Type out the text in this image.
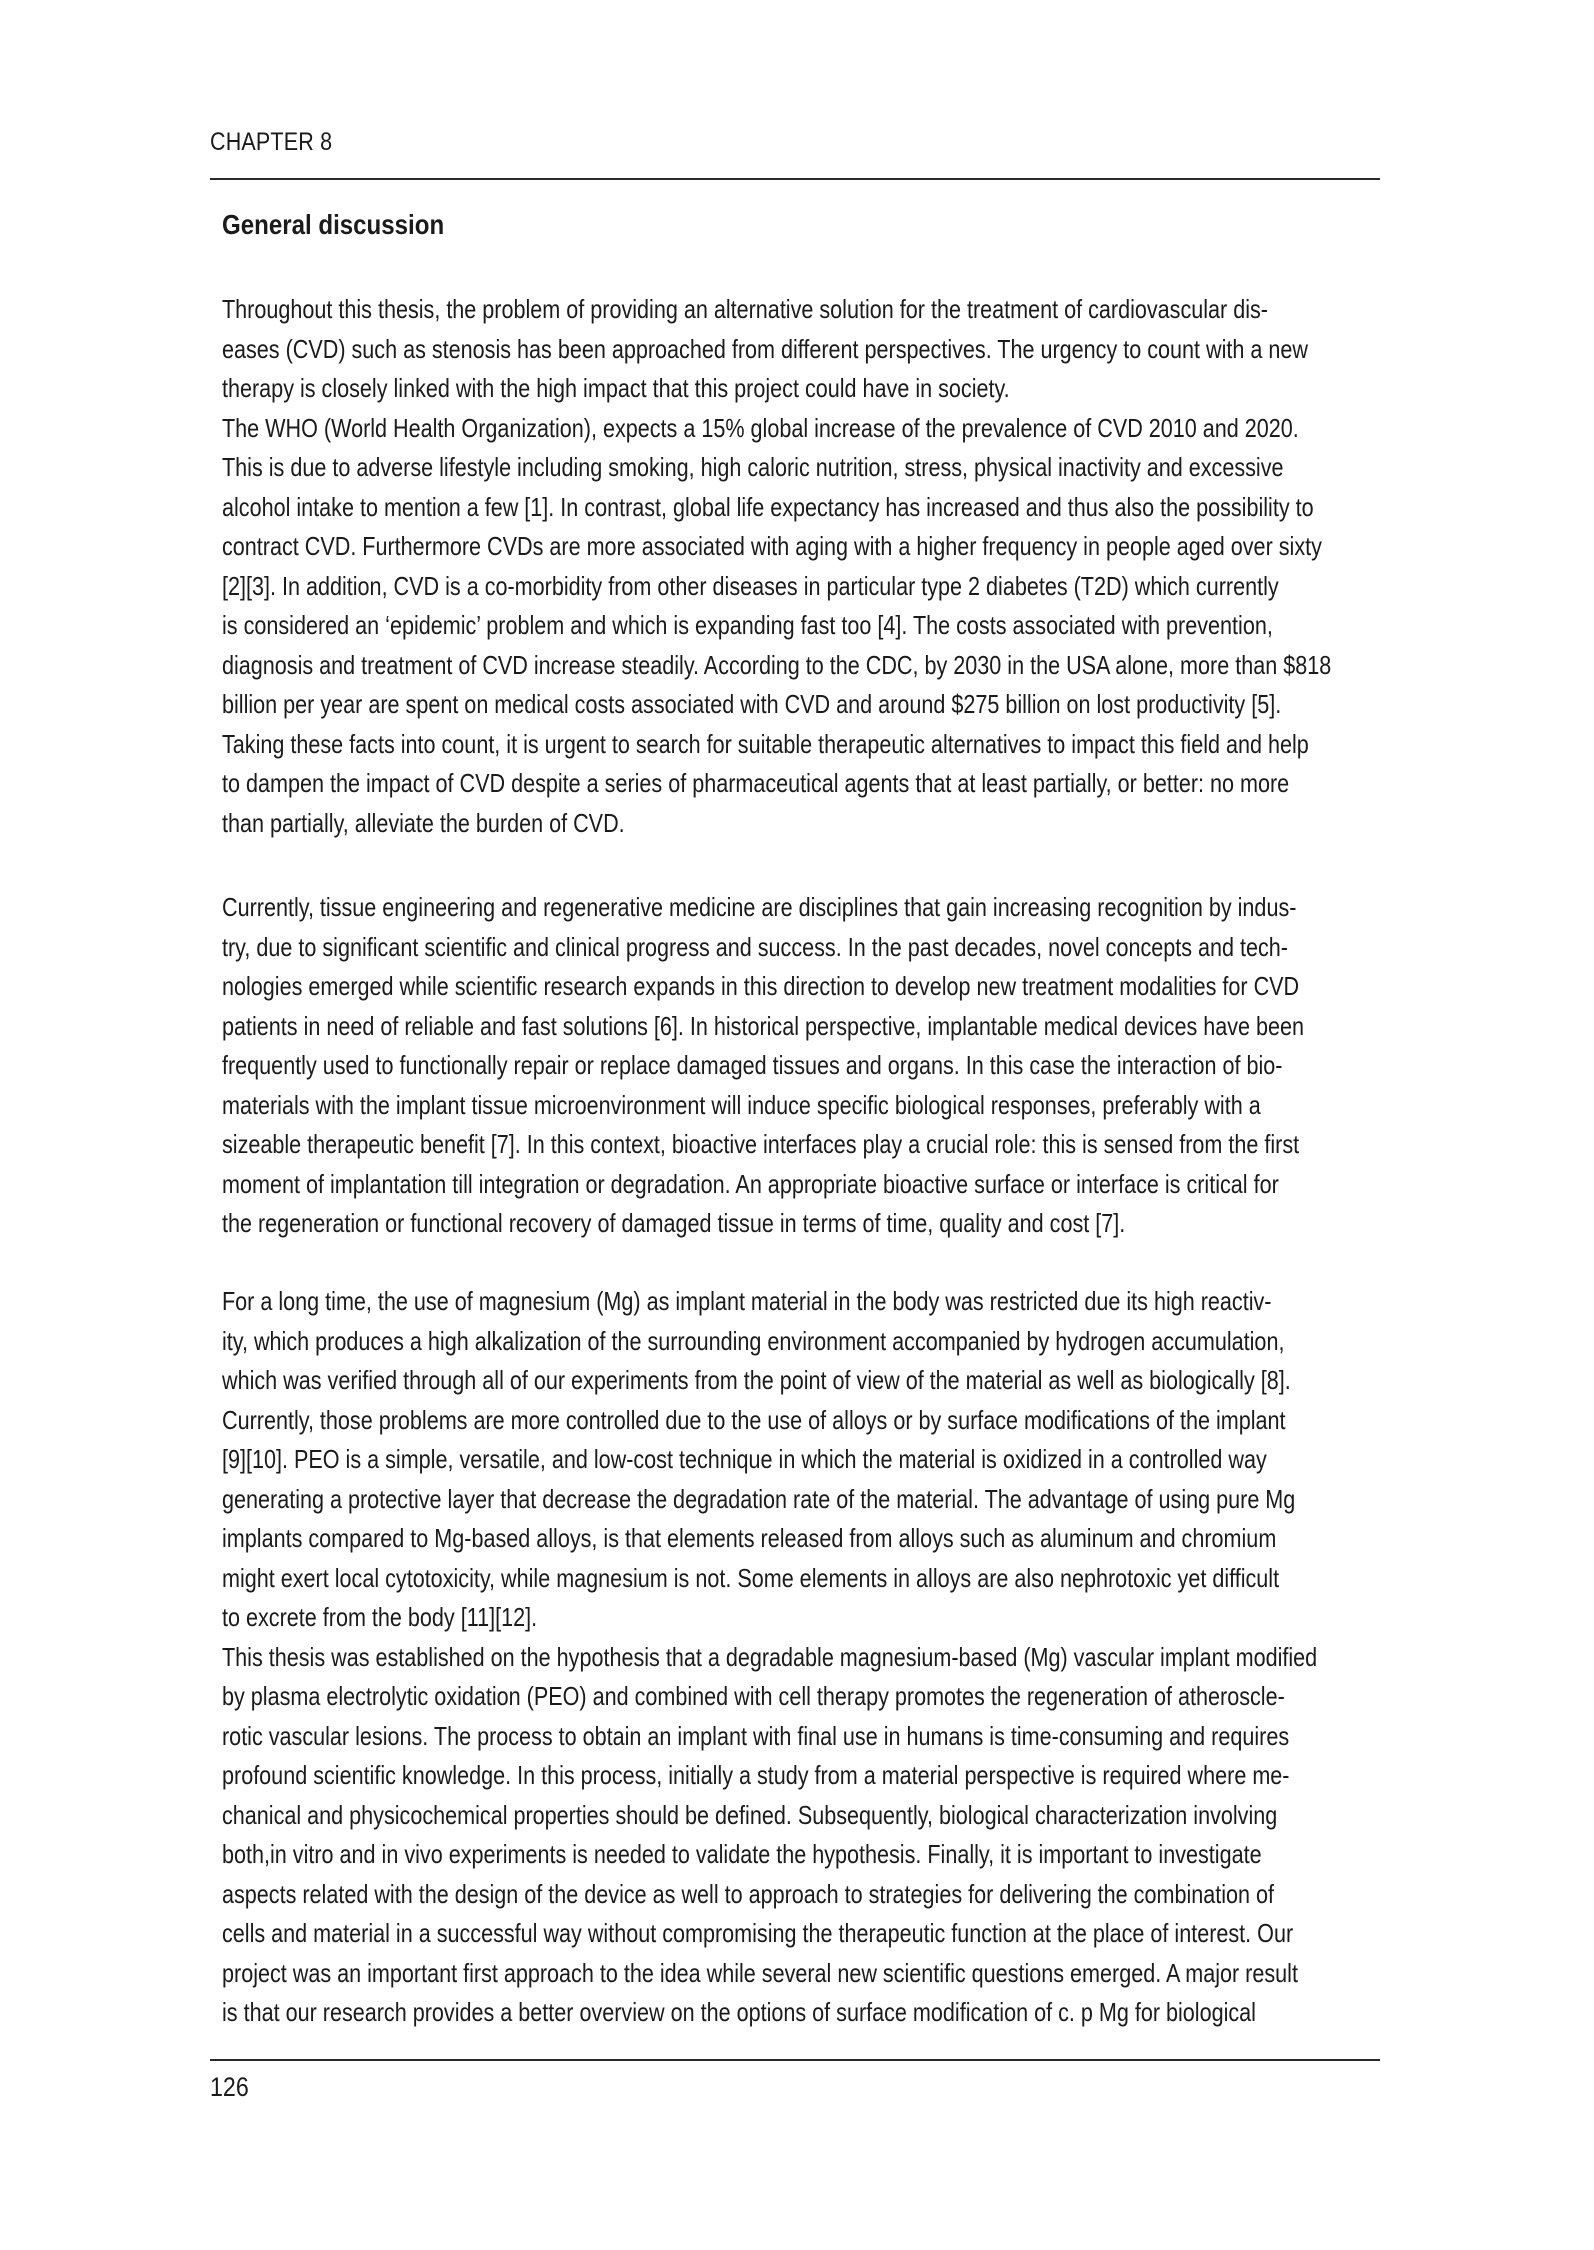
CHAPTER 8
General discussion
Throughout this thesis, the problem of providing an alternative solution for the treatment of cardiovascular dis-
eases (CVD) such as stenosis has been approached from different perspectives. The urgency to count with a new
therapy is closely linked with the high impact that this project could have in society.
The WHO (World Health Organization), expects a 15% global increase of the prevalence of CVD 2010 and 2020.
This is due to adverse lifestyle including smoking, high caloric nutrition, stress, physical inactivity and excessive
alcohol intake to mention a few [1]. In contrast, global life expectancy has increased and thus also the possibility to
contract CVD. Furthermore CVDs are more associated with aging with a higher frequency in people aged over sixty
[2][3]. In addition, CVD is a co-morbidity from other diseases in particular type 2 diabetes (T2D) which currently
is considered an ‘epidemic’ problem and which is expanding fast too [4]. The costs associated with prevention,
diagnosis and treatment of CVD increase steadily. According to the CDC, by 2030 in the USA alone, more than $818
billion per year are spent on medical costs associated with CVD and around $275 billion on lost productivity [5].
Taking these facts into count, it is urgent to search for suitable therapeutic alternatives to impact this field and help
to dampen the impact of CVD despite a series of pharmaceutical agents that at least partially, or better: no more
than partially, alleviate the burden of CVD.
Currently, tissue engineering and regenerative medicine are disciplines that gain increasing recognition by indus-
try, due to significant scientific and clinical progress and success. In the past decades, novel concepts and tech-
nologies emerged while scientific research expands in this direction to develop new treatment modalities for CVD
patients in need of reliable and fast solutions [6]. In historical perspective, implantable medical devices have been
frequently used to functionally repair or replace damaged tissues and organs. In this case the interaction of bio-
materials with the implant tissue microenvironment will induce specific biological responses, preferably with a
sizeable therapeutic benefit [7]. In this context, bioactive interfaces play a crucial role: this is sensed from the first
moment of implantation till integration or degradation. An appropriate bioactive surface or interface is critical for
the regeneration or functional recovery of damaged tissue in terms of time, quality and cost [7].
For a long time, the use of magnesium (Mg) as implant material in the body was restricted due its high reactiv-
ity, which produces a high alkalization of the surrounding environment accompanied by hydrogen accumulation,
which was verified through all of our experiments from the point of view of the material as well as biologically [8].
Currently, those problems are more controlled due to the use of alloys or by surface modifications of the implant
[9][10]. PEO is a simple, versatile, and low-cost technique in which the material is oxidized in a controlled way
generating a protective layer that decrease the degradation rate of the material. The advantage of using pure Mg
implants compared to Mg-based alloys, is that elements released from alloys such as aluminum and chromium
might exert local cytotoxicity, while magnesium is not. Some elements in alloys are also nephrotoxic yet difficult
to excrete from the body [11][12].
This thesis was established on the hypothesis that a degradable magnesium-based (Mg) vascular implant modified
by plasma electrolytic oxidation (PEO) and combined with cell therapy promotes the regeneration of atheroscle-
rotic vascular lesions. The process to obtain an implant with final use in humans is time-consuming and requires
profound scientific knowledge. In this process, initially a study from a material perspective is required where me-
chanical and physicochemical properties should be defined. Subsequently, biological characterization involving
both,in vitro and in vivo experiments is needed to validate the hypothesis. Finally, it is important to investigate
aspects related with the design of the device as well to approach to strategies for delivering the combination of
cells and material in a successful way without compromising the therapeutic function at the place of interest. Our
project was an important first approach to the idea while several new scientific questions emerged. A major result
is that our research provides a better overview on the options of surface modification of c. p Mg for biological
126
